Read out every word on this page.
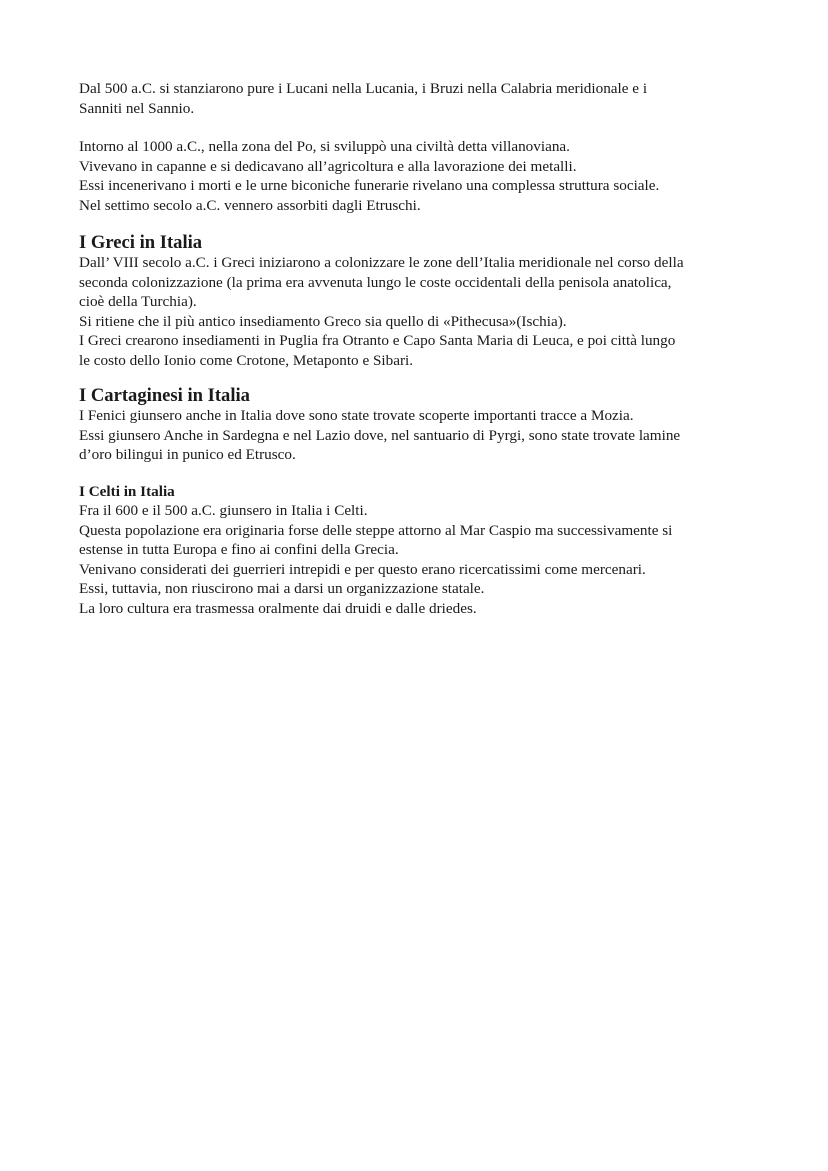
Dal 500 a.C. si stanziarono pure i Lucani nella Lucania, i Bruzi nella Calabria meridionale e i
Sanniti nel Sannio.

Intorno al 1000 a.C., nella zona del Po, si sviluppò una civiltà detta villanoviana.
Vivevano in capanne e si dedicavano all’agricoltura e alla lavorazione dei metalli.
Essi incenerivano i morti e le urne biconiche funerarie rivelano una complessa struttura sociale.
Nel settimo secolo a.C. vennero assorbiti dagli Etruschi.

I Greci in Italia

Dall’ VIII secolo a.C. i Greci iniziarono a colonizzare le zone dell’Italia meridionale nel corso della
seconda colonizzazione (la prima era avvenuta lungo le coste occidentali della penisola anatolica,
cioè della Turchia).
Si ritiene che il più antico insediamento Greco sia quello di «Pithecusa»(Ischia).
I Greci crearono insediamenti in Puglia fra Otranto e Capo Santa Maria di Leuca, e poi città lungo
le costo dello Ionio come Crotone, Metaponto e Sibari.

I Cartaginesi in Italia

I Fenici giunsero anche in Italia dove sono state trovate scoperte importanti tracce a Mozia.
Essi giunsero Anche in Sardegna e nel Lazio dove, nel santuario di Pyrgi, sono state trovate lamine
d’oro bilingui in punico ed Etrusco.

I Celti in Italia

Fra il 600 e il 500 a.C. giunsero in Italia i Celti.
Questa popolazione era originaria forse delle steppe attorno al Mar Caspio ma successivamente si
estense in tutta Europa e fino ai confini della Grecia.
Venivano considerati dei guerrieri intrepidi e per questo erano ricercatissimi come mercenari.
Essi, tuttavia, non riuscirono mai a darsi un organizzazione statale.
La loro cultura era trasmessa oralmente dai druidi e dalle driedes.
